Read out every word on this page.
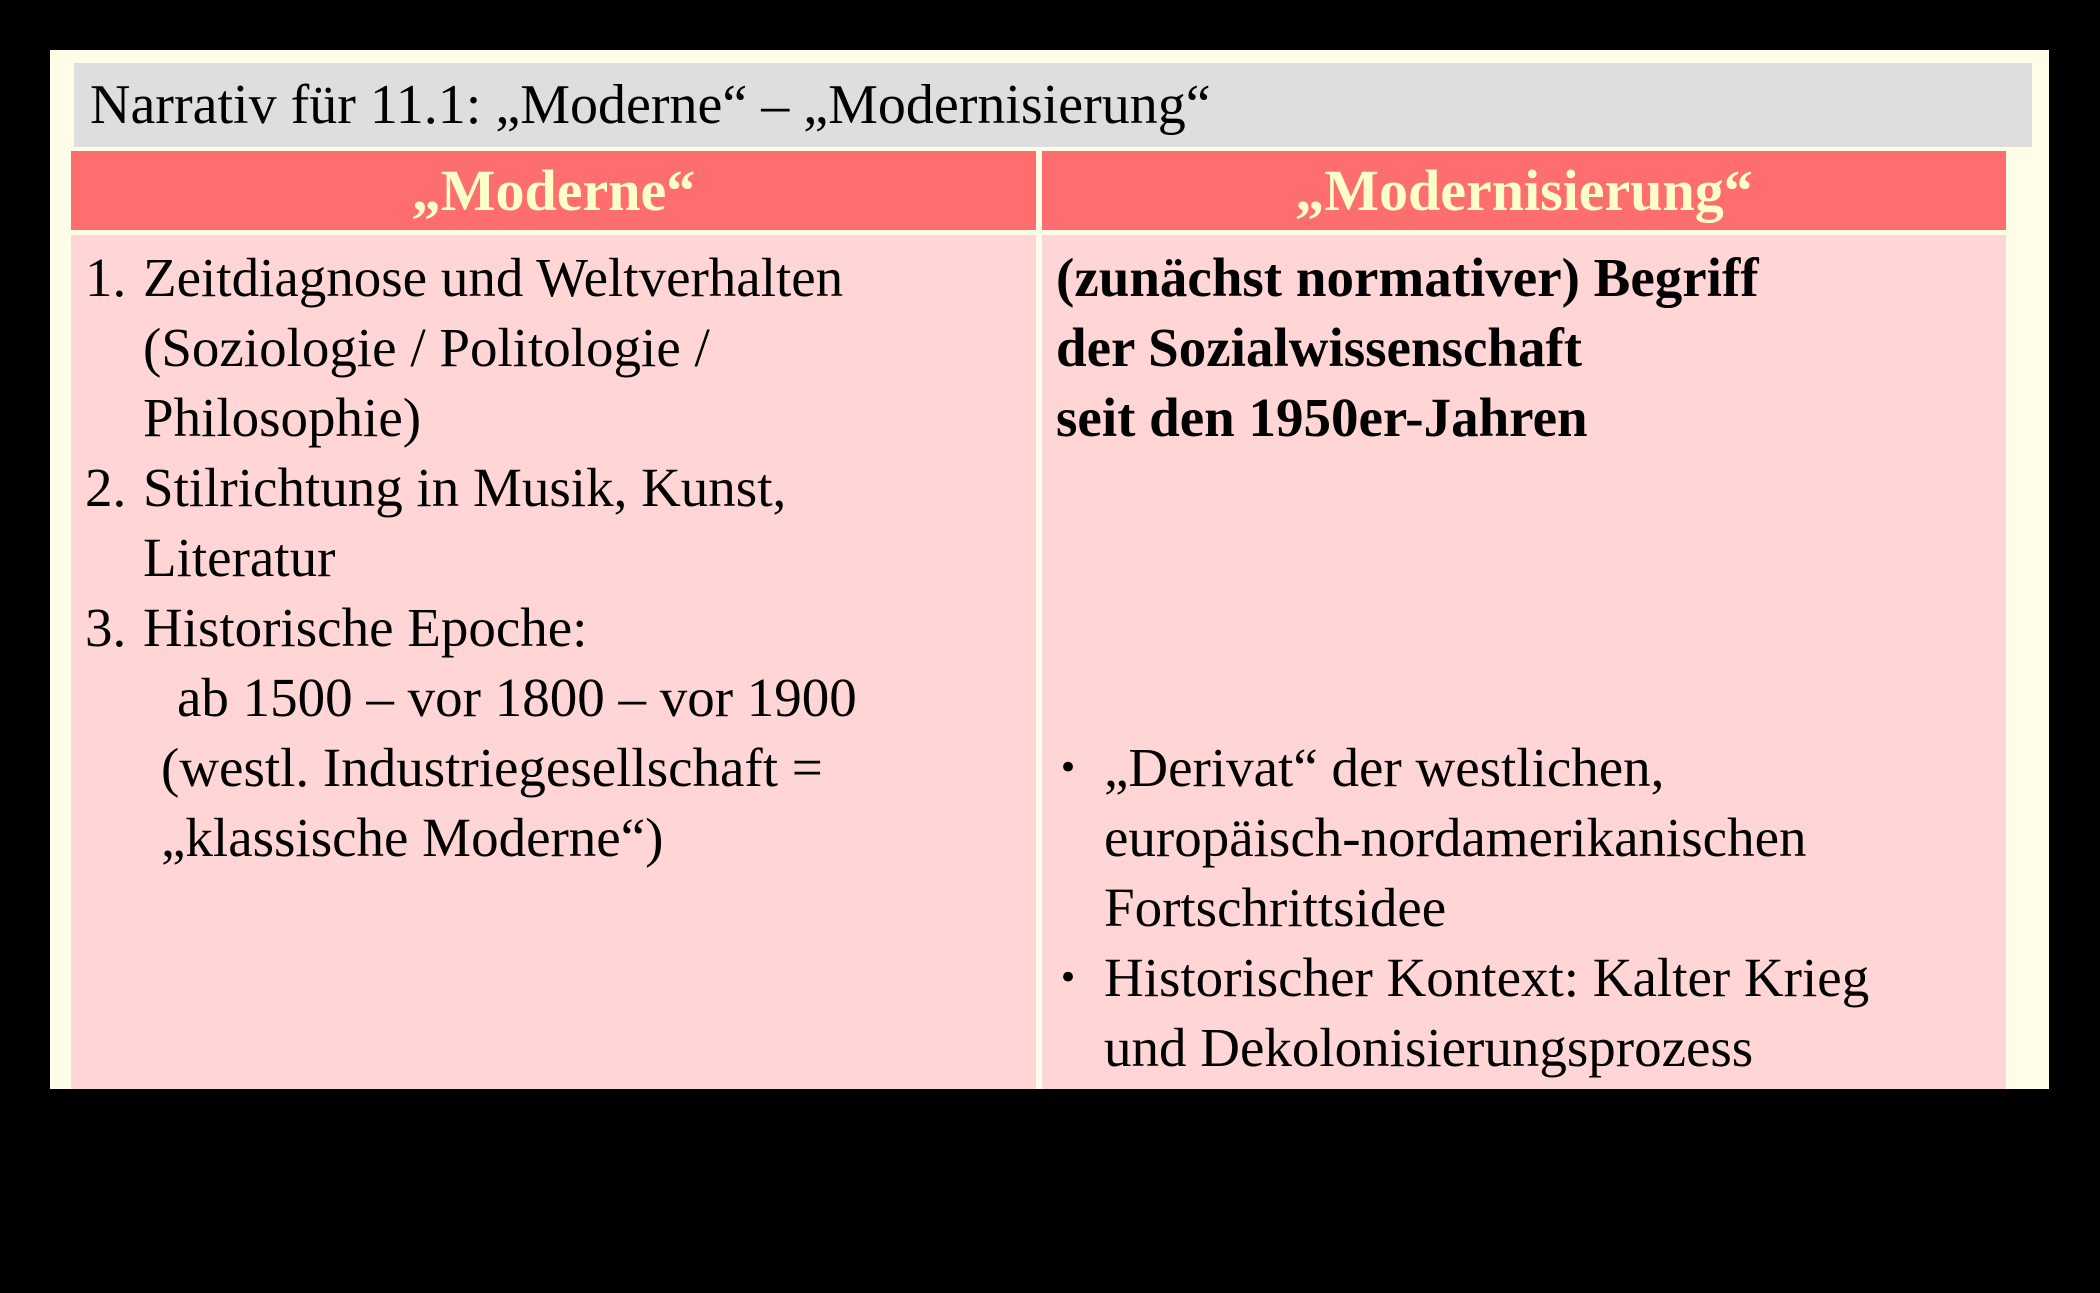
Narrativ für 11.1: „Moderne“ – „Modernisierung“
„Moderne“	„Modernisierung“
1. Zeitdiagnose und Weltverhalten
(Soziologie / Politologie /
Philosophie)
2. Stilrichtung in Musik, Kunst,
Literatur
3. Historische Epoche:
ab 1500 – vor 1800 – vor 1900
(westl. Industriegesellschaft =
„klassische Moderne“)
(zunächst normativer) Begriff
der Sozialwissenschaft
seit den 1950er-Jahren
• „Derivat“ der westlichen,
europäisch-nordamerikanischen
Fortschrittsidee
• Historischer Kontext: Kalter Krieg
und Dekolonisierungsprozess
• Kritik / Relativierung /
Differenzierung des Begriffs seit
den 1980er-Jahren
